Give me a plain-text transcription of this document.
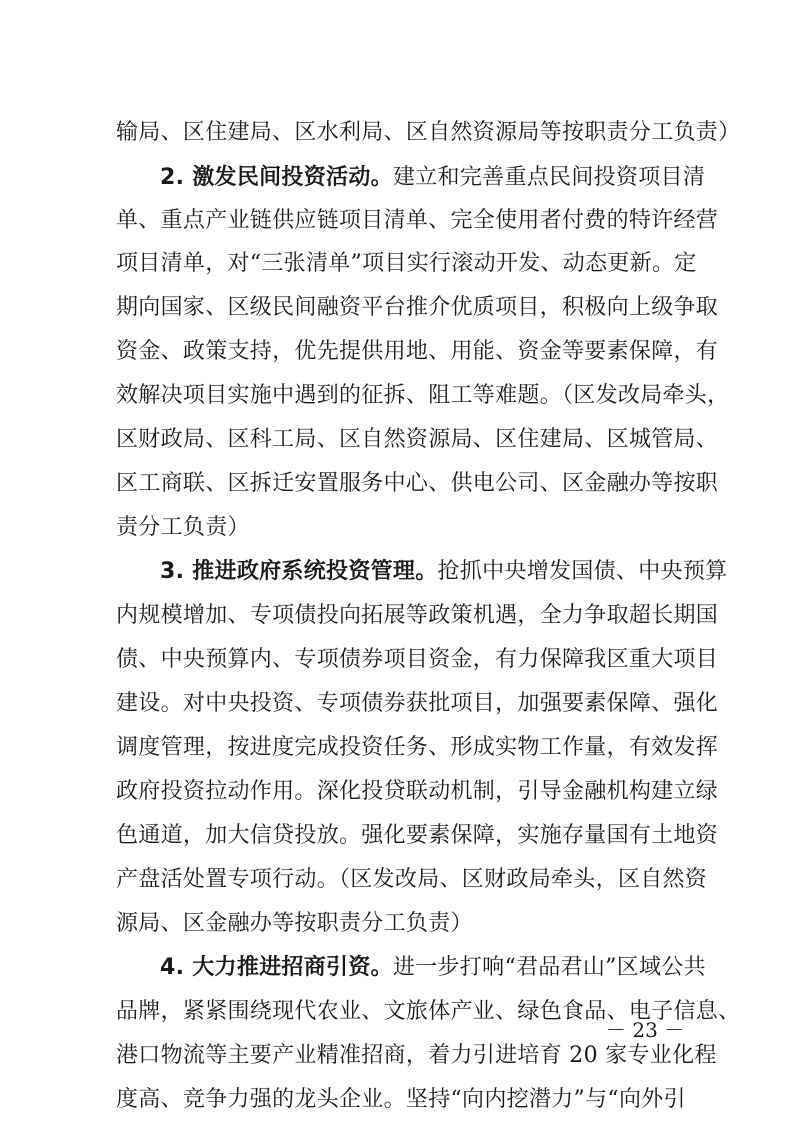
输局、区住建局、区水利局、区自然资源局等按职责分工负责）
2. 激发民间投资活动。建立和完善重点民间投资项目清
单、重点产业链供应链项目清单、完全使用者付费的特许经营
项目清单，对“三张清单”项目实行滚动开发、动态更新。定
期向国家、区级民间融资平台推介优质项目，积极向上级争取
资金、政策支持，优先提供用地、用能、资金等要素保障，有
效解决项目实施中遇到的征拆、阻工等难题。（区发改局牵头，
区财政局、区科工局、区自然资源局、区住建局、区城管局、
区工商联、区拆迁安置服务中心、供电公司、区金融办等按职
责分工负责）
3. 推进政府系统投资管理。抢抓中央增发国债、中央预算
内规模增加、专项债投向拓展等政策机遇，全力争取超长期国
债、中央预算内、专项债券项目资金，有力保障我区重大项目
建设。对中央投资、专项债券获批项目，加强要素保障、强化
调度管理，按进度完成投资任务、形成实物工作量，有效发挥
政府投资拉动作用。深化投贷联动机制，引导金融机构建立绿
色通道，加大信贷投放。强化要素保障，实施存量国有土地资
产盘活处置专项行动。（区发改局、区财政局牵头，区自然资
源局、区金融办等按职责分工负责）
4. 大力推进招商引资。进一步打响“君品君山”区域公共
品牌，紧紧围绕现代农业、文旅体产业、绿色食品、电子信息、
港口物流等主要产业精准招商，着力引进培育 20 家专业化程
度高、竞争力强的龙头企业。坚持“向内挖潜力”与“向外引
－ 23 －
